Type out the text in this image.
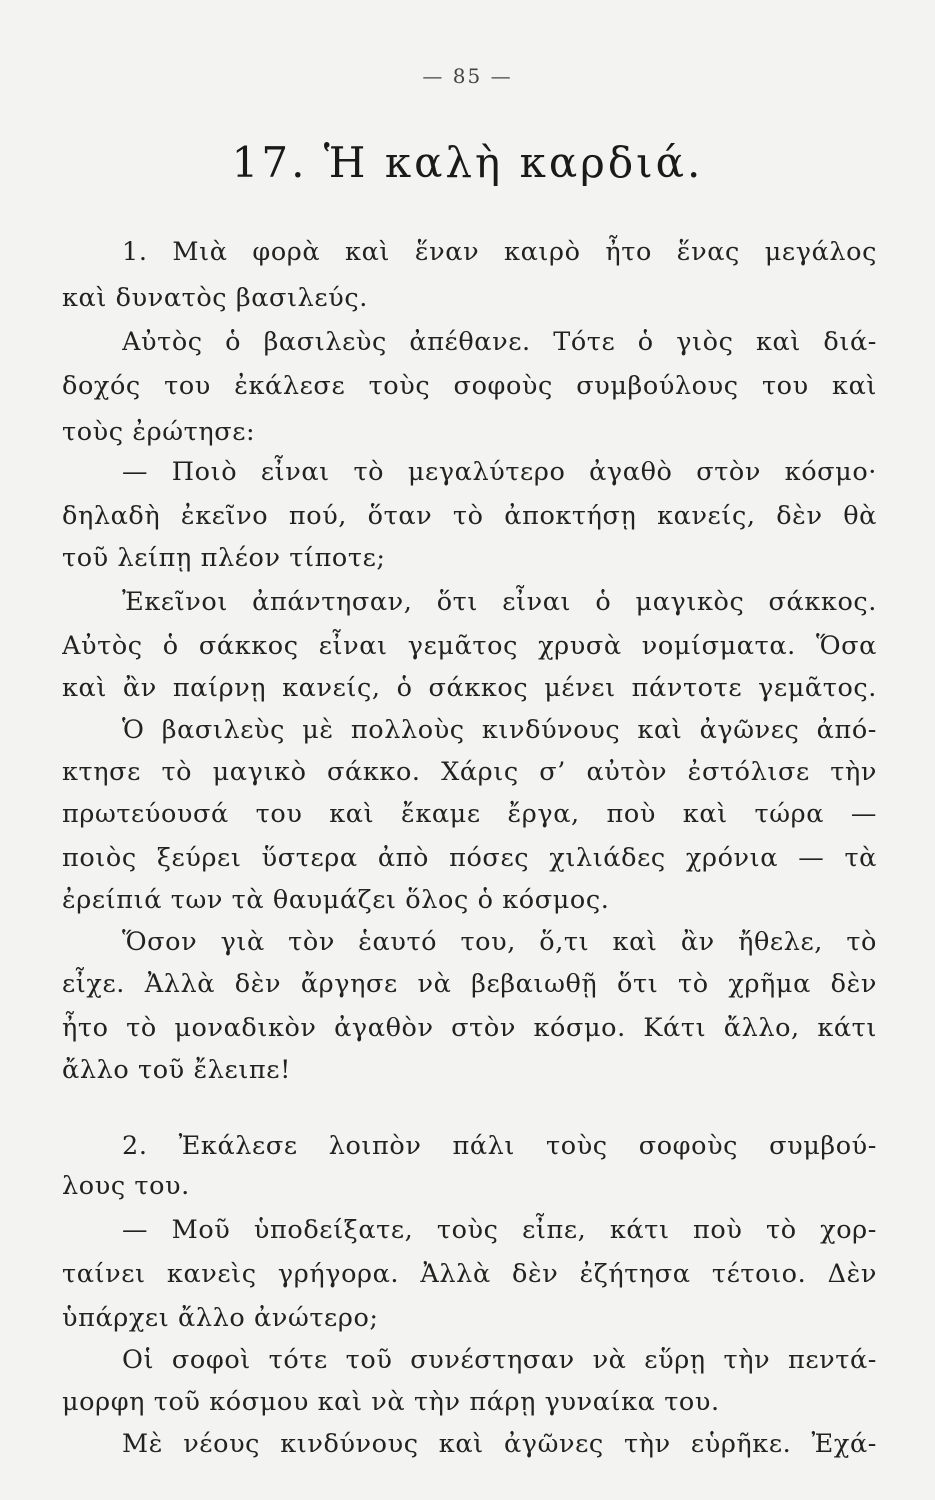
— 85 —
17. Ἡ καλὴ καρδιά.
1. Μιὰ φορὰ καὶ ἕναν καιρὸ ἦτο ἕνας μεγάλος
καὶ δυνατὸς βασιλεύς.
Αὐτὸς ὁ βασιλεὺς ἀπέθανε. Τότε ὁ γιὸς καὶ διά-
δοχός του ἐκάλεσε τοὺς σοφοὺς συμβούλους του καὶ
τοὺς ἐρώτησε:
— Ποιὸ εἶναι τὸ μεγαλύτερο ἀγαθὸ στὸν κόσμο·
δηλαδὴ ἐκεῖνο πού, ὅταν τὸ ἀποκτήσῃ κανείς, δὲν θὰ
τοῦ λείπῃ πλέον τίποτε;
Ἐκεῖνοι ἀπάντησαν, ὅτι εἶναι ὁ μαγικὸς σάκκος.
Αὐτὸς ὁ σάκκος εἶναι γεμᾶτος χρυσὰ νομίσματα. Ὅσα
καὶ ἂν παίρνῃ κανείς, ὁ σάκκος μένει πάντοτε γεμᾶτος.
Ὁ βασιλεὺς μὲ πολλοὺς κινδύνους καὶ ἀγῶνες ἀπό-
κτησε τὸ μαγικὸ σάκκο. Χάρις σ’ αὐτὸν ἐστόλισε τὴν
πρωτεύουσά του καὶ ἔκαμε ἔργα, ποὺ καὶ τώρα —
ποιὸς ξεύρει ὕστερα ἀπὸ πόσες χιλιάδες χρόνια — τὰ
ἐρείπιά των τὰ θαυμάζει ὅλος ὁ κόσμος.
Ὅσον γιὰ τὸν ἑαυτό του, ὅ,τι καὶ ἂν ἤθελε, τὸ
εἶχε. Ἀλλὰ δὲν ἄργησε νὰ βεβαιωθῇ ὅτι τὸ χρῆμα δὲν
ἦτο τὸ μοναδικὸν ἀγαθὸν στὸν κόσμο. Κάτι ἄλλο, κάτι
ἄλλο τοῦ ἔλειπε!
2. Ἐκάλεσε λοιπὸν πάλι τοὺς σοφοὺς συμβού-
λους του.
— Μοῦ ὑποδείξατε, τοὺς εἶπε, κάτι ποὺ τὸ χορ-
ταίνει κανεὶς γρήγορα. Ἀλλὰ δὲν ἐζήτησα τέτοιο. Δὲν
ὑπάρχει ἄλλο ἀνώτερο;
Οἱ σοφοὶ τότε τοῦ συνέστησαν νὰ εὕρῃ τὴν πεντά-
μορφη τοῦ κόσμου καὶ νὰ τὴν πάρῃ γυναίκα του.
Μὲ νέους κινδύνους καὶ ἀγῶνες τὴν εὑρῆκε. Ἐχά-
